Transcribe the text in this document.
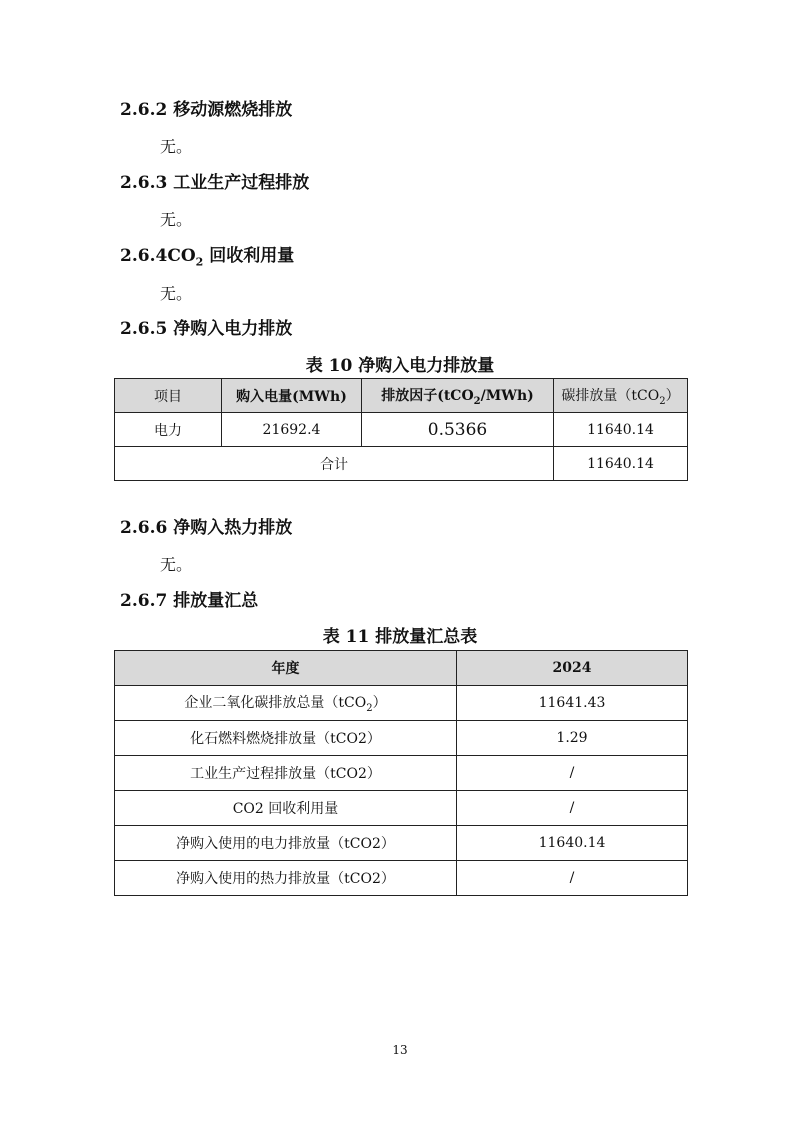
2.6.2 移动源燃烧排放

无。

2.6.3 工业生产过程排放

无。

$2.6.4CO_2$ 回收利用量

无。

2.6.5 净购入电力排放

表 10 净购入电力排放量

项目	购入电量(MWh)	排放因子(tCO$_2$/MWh)	碳排放量（tCO$_2$）
电力	21692.4	0.5366	11640.14
合计			11640.14
2.6.6 净购入热力排放

无。

2.6.7 排放量汇总

表 11 排放量汇总表

年度	2024
企业二氧化碳排放总量（tCO$_2$）	11641.43
化石燃料燃烧排放量（tCO2）	1.29
工业生产过程排放量（tCO2）	/
CO2 回收利用量	/
净购入使用的电力排放量（tCO2）	11640.14
净购入使用的热力排放量（tCO2）	/
13
